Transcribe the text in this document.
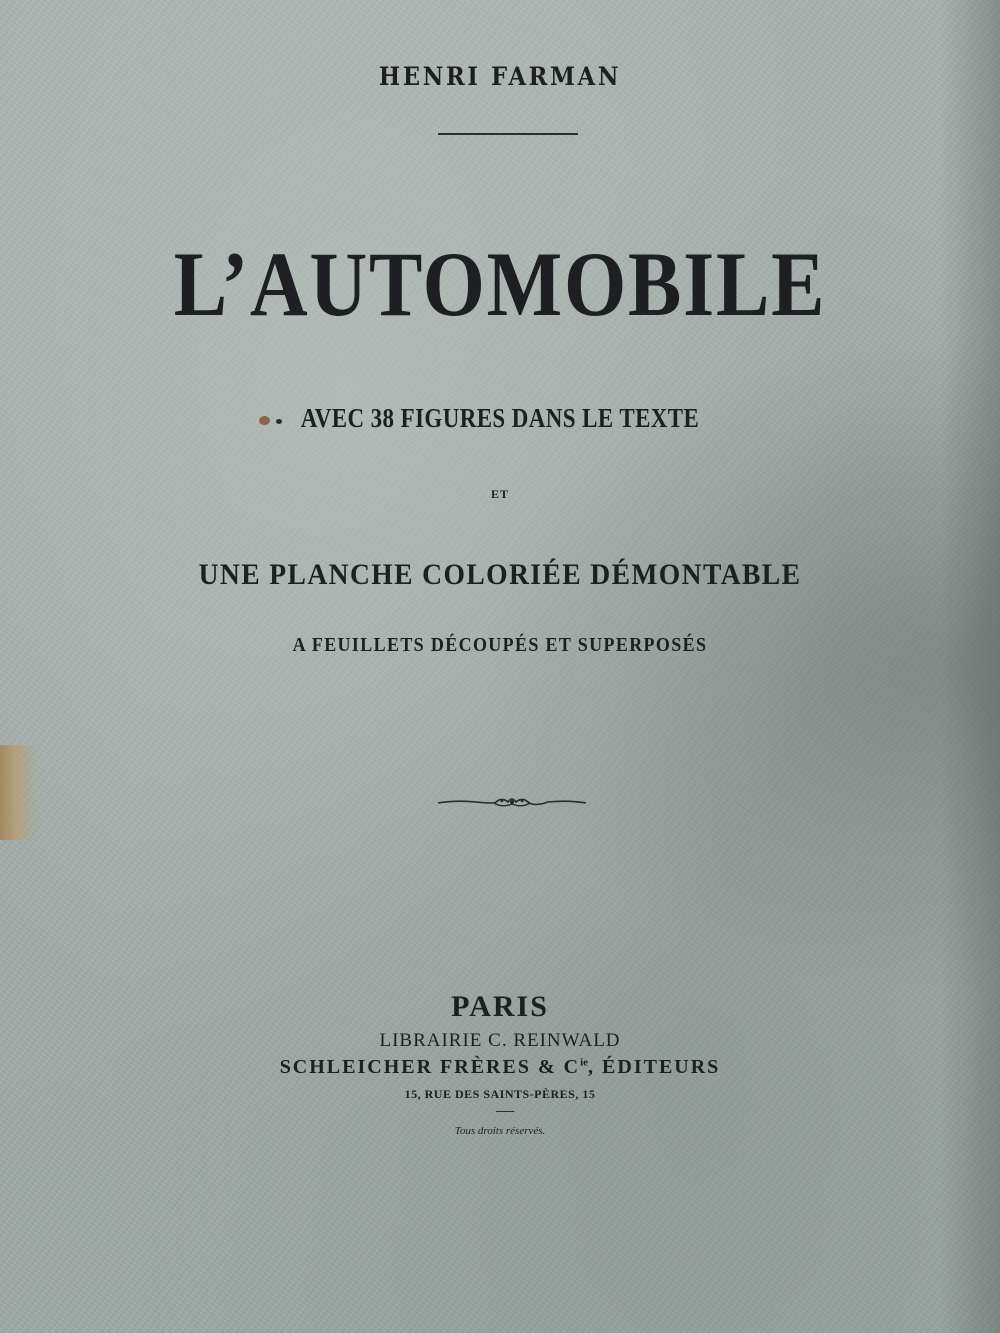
HENRI FARMAN
L’AUTOMOBILE
AVEC 38 FIGURES DANS LE TEXTE
ET
UNE PLANCHE COLORIÉE DÉMONTABLE
A FEUILLETS DÉCOUPÉS ET SUPERPOSÉS
PARIS
LIBRAIRIE C. REINWALD
SCHLEICHER FRÈRES & $C^{ie}$, ÉDITEURS
15, RUE DES SAINTS-PÈRES, 15
Tous droits réservés.
